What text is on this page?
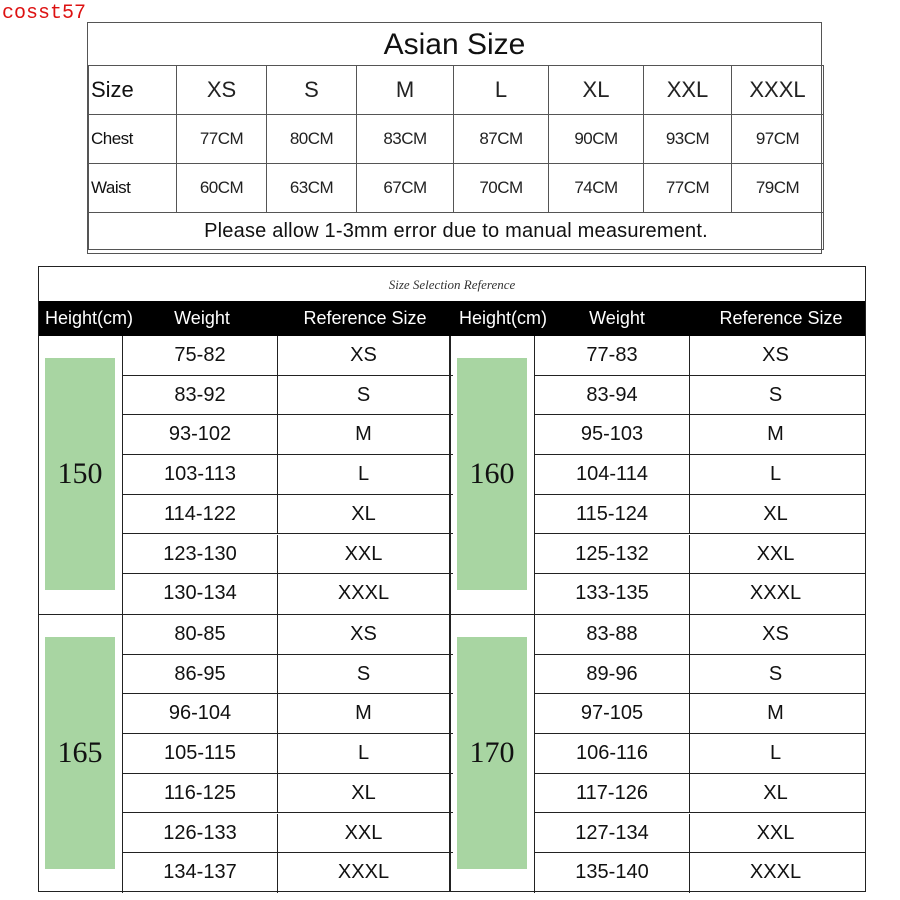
cosst57
Asian Size
Size	XS	S	M	L	XL	XXL	XXXL
Chest	77CM	80CM	83CM	87CM	90CM	93CM	97CM
Waist	60CM	63CM	67CM	70CM	74CM	77CM	79CM
Please allow 1-3mm error due to manual measurement.							
Size Selection Reference
Height(cm)	Weight	Reference Size	Height(cm)	Weight	Reference Size
150
75-82	XS
83-92	S
93-102	M
103-113	L
114-122	XL
123-130	XXL
130-134	XXXL
160
77-83	XS
83-94	S
95-103	M
104-114	L
115-124	XL
125-132	XXL
133-135	XXXL
165
80-85	XS
86-95	S
96-104	M
105-115	L
116-125	XL
126-133	XXL
134-137	XXXL
170
83-88	XS
89-96	S
97-105	M
106-116	L
117-126	XL
127-134	XXL
135-140	XXXL
